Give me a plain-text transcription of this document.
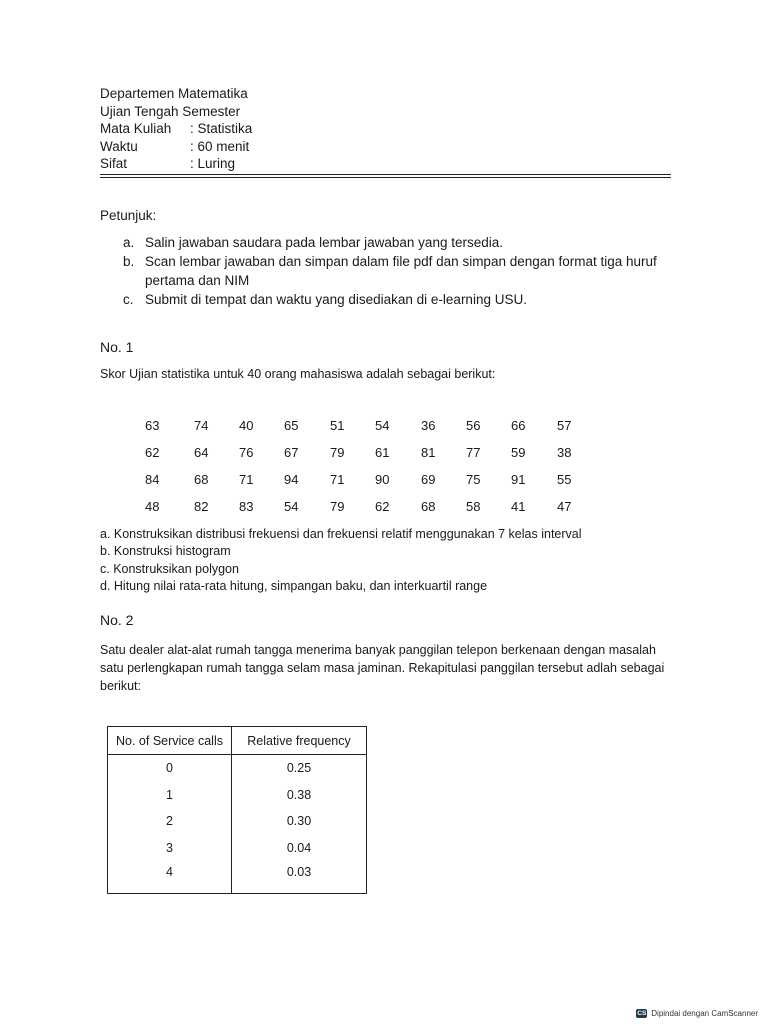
Departemen Matematika
Ujian Tengah Semester
Mata Kuliah : Statistika
Waktu	: 60 menit
Sifat	: Luring
Petunjuk:
a. Salin jawaban saudara pada lembar jawaban yang tersedia.
b. Scan lembar jawaban dan simpan dalam file pdf dan simpan dengan format tiga huruf pertama dan NIM
c. Submit di tempat dan waktu yang disediakan di e-learning USU.
No. 1
Skor Ujian statistika untuk 40 orang mahasiswa adalah sebagai berikut:
63	74	40	65	51	54	36	56	66	57
62	64	76	67	79	61	81	77	59	38
84	68	71	94	71	90	69	75	91	55
48	82	83	54	79	62	68	58	41	47
a. Konstruksikan distribusi frekuensi dan frekuensi relatif menggunakan 7 kelas interval
b. Konstruksi histogram
c. Konstruksikan polygon
d. Hitung nilai rata-rata hitung, simpangan baku, dan interkuartil range
No. 2
Satu dealer alat-alat rumah tangga menerima banyak panggilan telepon berkenaan dengan masalah satu perlengkapan rumah tangga selam masa jaminan. Rekapitulasi panggilan tersebut adlah sebagai berikut:
No. of Service calls	Relative frequency
0	0.25
1	0.38
2	0.30
3	0.04
4	0.03
CS Dipindai dengan CamScanner
